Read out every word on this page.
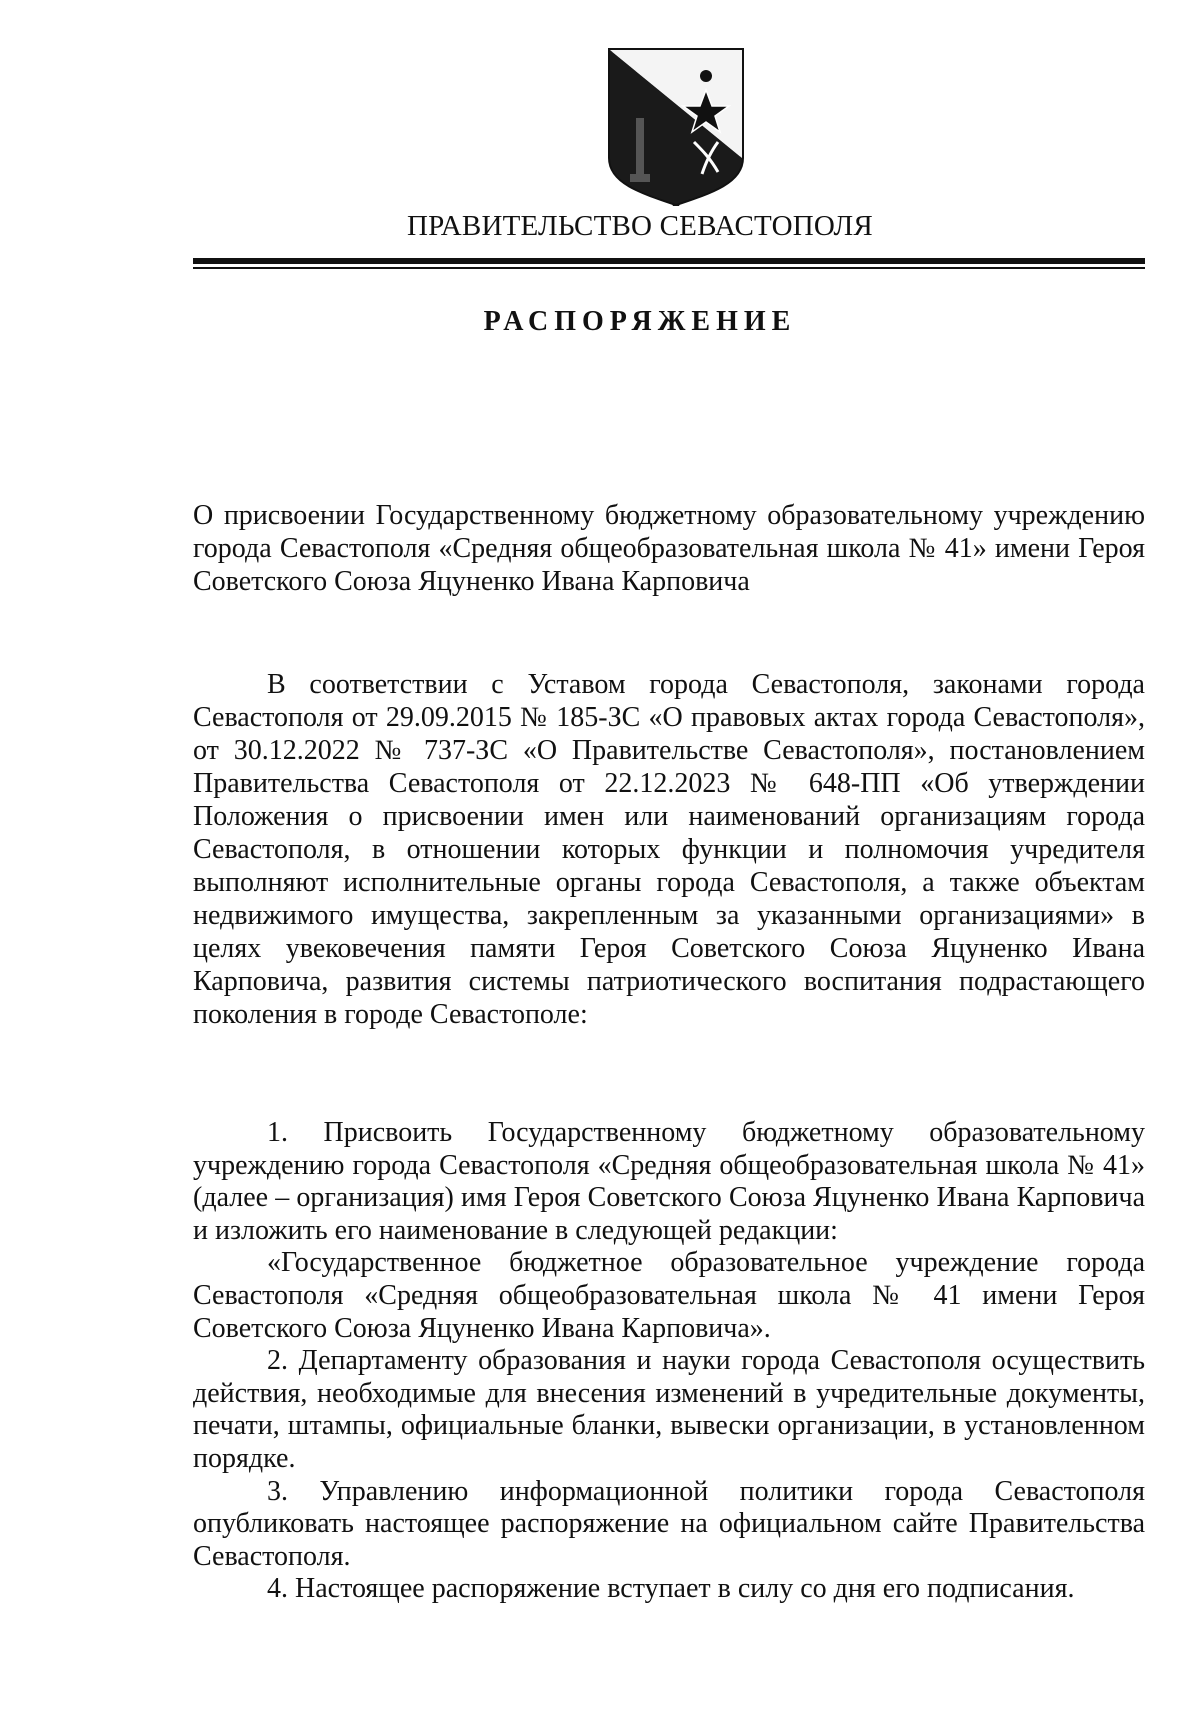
ПРАВИТЕЛЬСТВО СЕВАСТОПОЛЯ
РАСПОРЯЖЕНИЕ

О присвоении Государственному бюджетному образовательному учреждению города Севастополя «Средняя общеобразовательная школа № 41» имени Героя Советского Союза Яцуненко Ивана Карповича

В соответствии с Уставом города Севастополя, законами города Севастополя от 29.09.2015 № 185-ЗС «О правовых актах города Севастополя», от 30.12.2022 № 737-ЗС «О Правительстве Севастополя», постановлением Правительства Севастополя от 22.12.2023 № 648-ПП «Об утверждении Положения о присвоении имен или наименований организациям города Севастополя, в отношении которых функции и полномочия учредителя выполняют исполнительные органы города Севастополя, а также объектам недвижимого имущества, закрепленным за указанными организациями» в целях увековечения памяти Героя Советского Союза Яцуненко Ивана Карповича, развития системы патриотического воспитания подрастающего поколения в городе Севастополе:

1. Присвоить Государственному бюджетному образовательному учреждению города Севастополя «Средняя общеобразовательная школа № 41» (далее – организация) имя Героя Советского Союза Яцуненко Ивана Карповича и изложить его наименование в следующей редакции:

«Государственное бюджетное образовательное учреждение города Севастополя «Средняя общеобразовательная школа № 41 имени Героя Советского Союза Яцуненко Ивана Карповича».

2. Департаменту образования и науки города Севастополя осуществить действия, необходимые для внесения изменений в учредительные документы, печати, штампы, официальные бланки, вывески организации, в установленном порядке.

3. Управлению информационной политики города Севастополя опубликовать настоящее распоряжение на официальном сайте Правительства Севастополя.

4. Настоящее распоряжение вступает в силу со дня его подписания.
